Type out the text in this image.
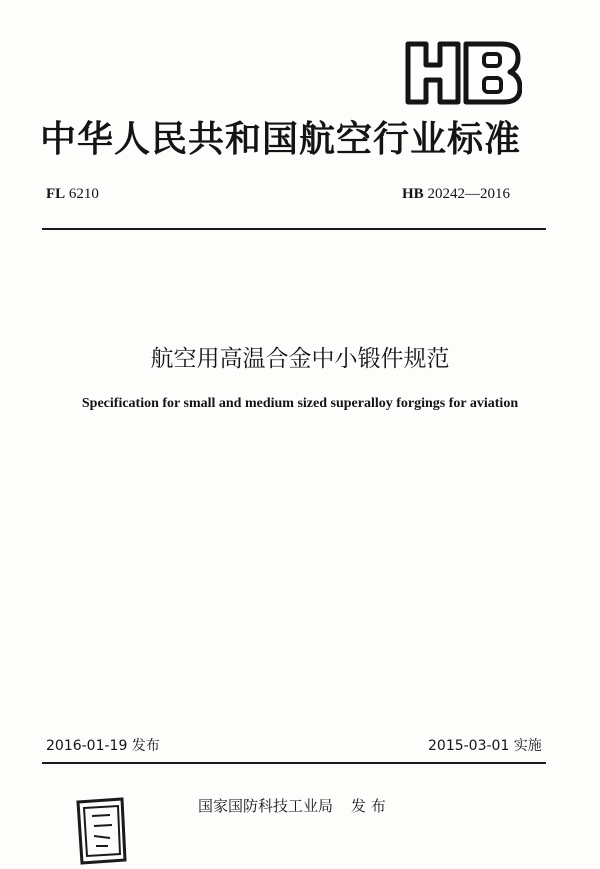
中华人民共和国航空行业标准
FL 6210	HB 20242—2016
航空用高温合金中小锻件规范
Specification for small and medium sized superalloy forgings for aviation
2016-01-19 发布	2015-03-01 实施
国家国防科技工业局 发 布
